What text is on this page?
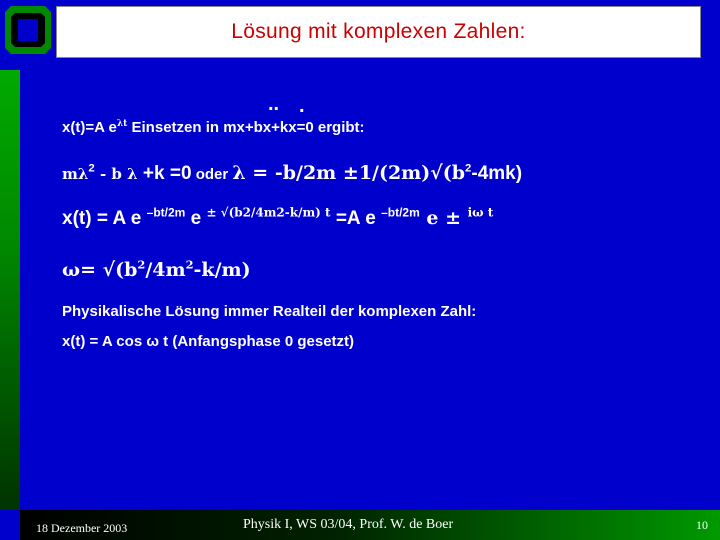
Lösung mit komplexen Zahlen:
x(t)=A $e^{\lambda t}$ Einsetzen in mx+bx+kx=0 ergibt:
.. .
$m\lambda^2$ - b λ +k =0 oder $\lambda = -b/2m \pm 1/(2m)√(b^2-4mk)$
x(t) = A e $^{-bt/2m}$ e $^{\pm √(b2/4m2-k/m) t}$ =A e $^{-bt/2m}$ e ± $^{i\omega t}$
$\omega= √(b^2/4m^2-k/m)$
Physikalische Lösung immer Realteil der komplexen Zahl:
x(t) = A cos ω t (Anfangsphase 0 gesetzt)
18 Dezember 2003	Physik I, WS 03/04, Prof. W. de Boer	10
